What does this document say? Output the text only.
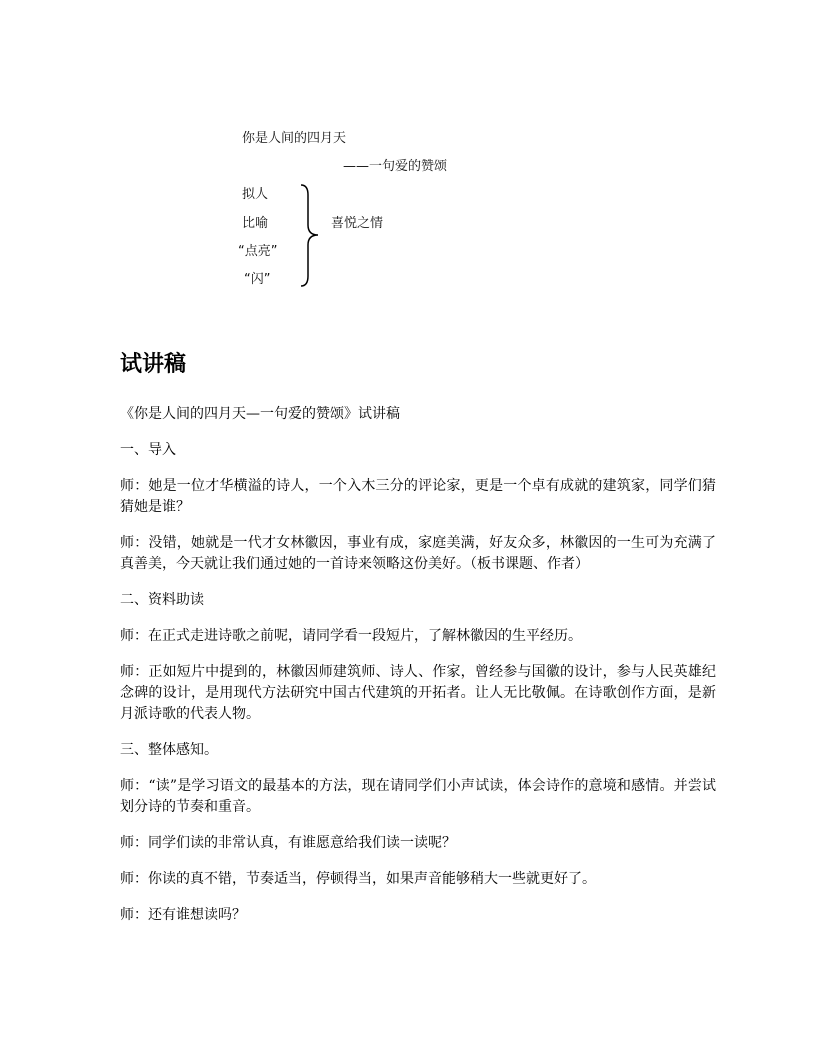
你是人间的四月天
——一句爱的赞颂
拟人
比喻
“点亮”
“闪”
喜悦之情
试讲稿

《你是人间的四月天—一句爱的赞颂》试讲稿

一、导入

师：她是一位才华横溢的诗人，一个入木三分的评论家，更是一个卓有成就的建筑家，同学们猜猜她是谁？

师：没错，她就是一代才女林徽因，事业有成，家庭美满，好友众多，林徽因的一生可为充满了真善美，今天就让我们通过她的一首诗来领略这份美好。（板书课题、作者）

二、资料助读

师：在正式走进诗歌之前呢，请同学看一段短片，了解林徽因的生平经历。

师：正如短片中提到的，林徽因师建筑师、诗人、作家，曾经参与国徽的设计，参与人民英雄纪念碑的设计，是用现代方法研究中国古代建筑的开拓者。让人无比敬佩。在诗歌创作方面，是新月派诗歌的代表人物。

三、整体感知。

师：“读”是学习语文的最基本的方法，现在请同学们小声试读，体会诗作的意境和感情。并尝试划分诗的节奏和重音。

师：同学们读的非常认真，有谁愿意给我们读一读呢？

师：你读的真不错，节奏适当，停顿得当，如果声音能够稍大一些就更好了。

师：还有谁想读吗？
